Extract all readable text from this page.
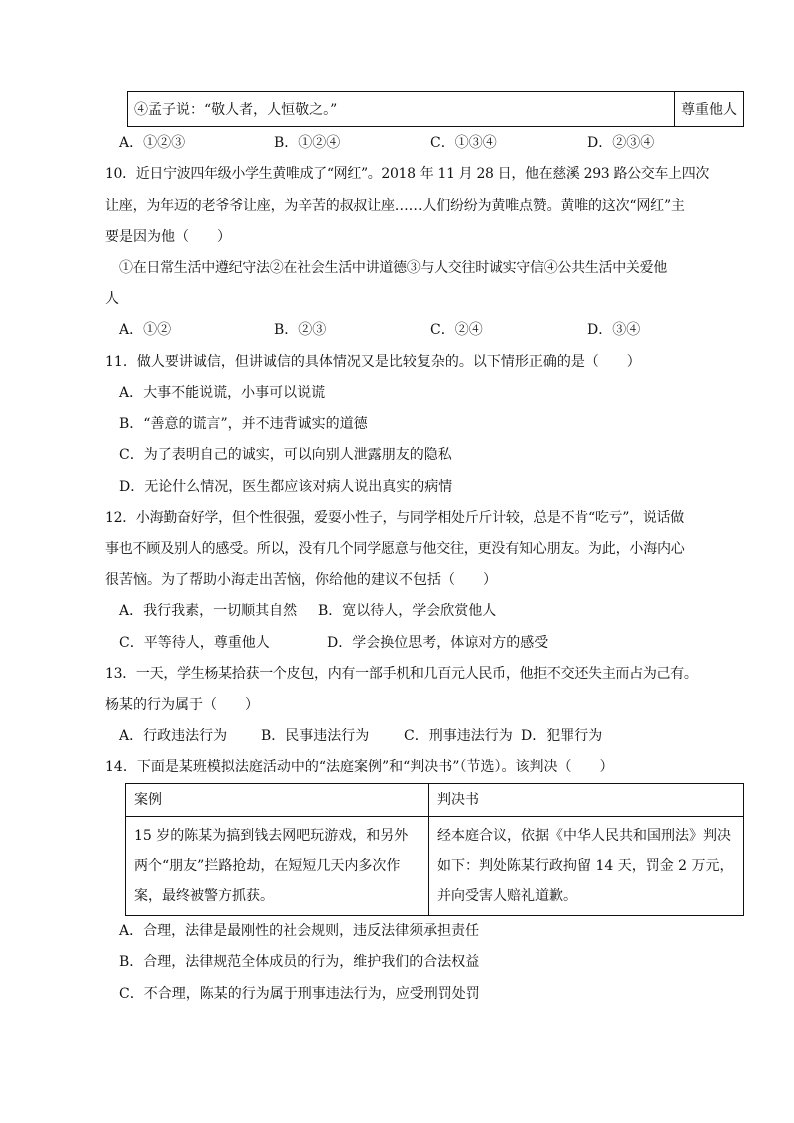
④孟子说：“敬人者，人恒敬之。”	尊重他人
A．①②③	B．①②④	C．①③④	D．②③④
10．近日宁波四年级小学生黄唯成了“网红”。2018 年 11 月 28 日，他在慈溪 293 路公交车上四次
让座，为年迈的老爷爷让座，为辛苦的叔叔让座……人们纷纷为黄唯点赞。黄唯的这次“网红”主
要是因为他（　　）
①在日常生活中遵纪守法②在社会生活中讲道德③与人交往时诚实守信④公共生活中关爱他
人
A．①②	B．②③	C．②④	D．③④
11．做人要讲诚信，但讲诚信的具体情况又是比较复杂的。以下情形正确的是（　　）
A．大事不能说谎，小事可以说谎
B．“善意的谎言”，并不违背诚实的道德
C．为了表明自己的诚实，可以向别人泄露朋友的隐私
D．无论什么情况，医生都应该对病人说出真实的病情
12．小海勤奋好学，但个性很强，爱耍小性子，与同学相处斤斤计较，总是不肯“吃亏”，说话做
事也不顾及别人的感受。所以，没有几个同学愿意与他交往，更没有知心朋友。为此，小海内心
很苦恼。为了帮助小海走出苦恼，你给他的建议不包括（　　）
A．我行我素，一切顺其自然 B．宽以待人，学会欣赏他人
C．平等待人，尊重他人	D．学会换位思考，体谅对方的感受
13．一天，学生杨某拾获一个皮包，内有一部手机和几百元人民币，他拒不交还失主而占为己有。
杨某的行为属于（　　）
A．行政违法行为 B．民事违法行为 C．刑事违法行为 D．犯罪行为
14．下面是某班模拟法庭活动中的“法庭案例”和“判决书”（节选）。该判决（　　）
案例	判决书
15 岁的陈某为搞到钱去网吧玩游戏，和另外两个“朋友”拦路抢劫，在短短几天内多次作案，最终被警方抓获。	经本庭合议，依据《中华人民共和国刑法》判决如下：判处陈某行政拘留 14 天，罚金 2 万元，并向受害人赔礼道歉。
A．合理，法律是最刚性的社会规则，违反法律须承担责任
B．合理，法律规范全体成员的行为，维护我们的合法权益
C．不合理，陈某的行为属于刑事违法行为，应受刑罚处罚
